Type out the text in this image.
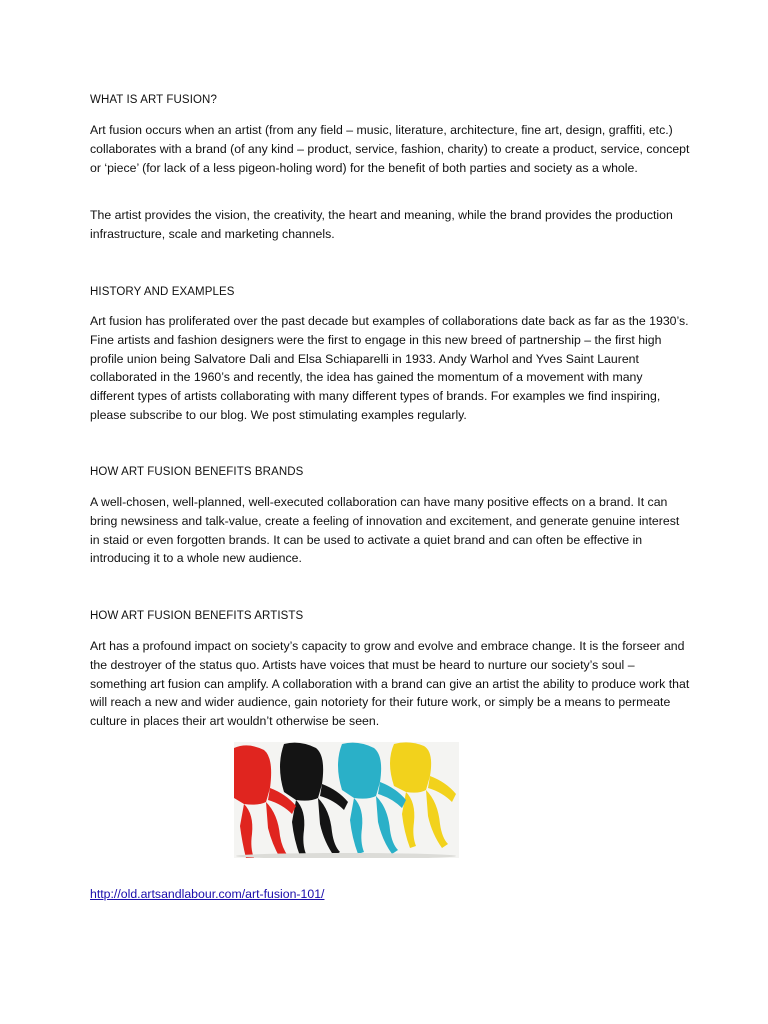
WHAT IS ART FUSION?

Art fusion occurs when an artist (from any field – music, literature, architecture, fine art, design, graffiti, etc.) collaborates with a brand (of any kind – product, service, fashion, charity) to create a product, service, concept or ‘piece’ (for lack of a less pigeon-holing word) for the benefit of both parties and society as a whole.

The artist provides the vision, the creativity, the heart and meaning, while the brand provides the production infrastructure, scale and marketing channels.

HISTORY AND EXAMPLES

Art fusion has proliferated over the past decade but examples of collaborations date back as far as the 1930’s. Fine artists and fashion designers were the first to engage in this new breed of partnership – the first high profile union being Salvatore Dali and Elsa Schiaparelli in 1933. Andy Warhol and Yves Saint Laurent collaborated in the 1960’s and recently, the idea has gained the momentum of a movement with many different types of artists collaborating with many different types of brands. For examples we find inspiring, please subscribe to our blog. We post stimulating examples regularly.

HOW ART FUSION BENEFITS BRANDS

A well-chosen, well-planned, well-executed collaboration can have many positive effects on a brand. It can bring newsiness and talk-value, create a feeling of innovation and excitement, and generate genuine interest in staid or even forgotten brands. It can be used to activate a quiet brand and can often be effective in introducing it to a whole new audience.

HOW ART FUSION BENEFITS ARTISTS

Art has a profound impact on society’s capacity to grow and evolve and embrace change. It is the forseer and the destroyer of the status quo. Artists have voices that must be heard to nurture our society’s soul – something art fusion can amplify. A collaboration with a brand can give an artist the ability to produce work that will reach a new and wider audience, gain notoriety for their future work, or simply be a means to permeate culture in places their art wouldn’t otherwise be seen.

http://old.artsandlabour.com/art-fusion-101/
